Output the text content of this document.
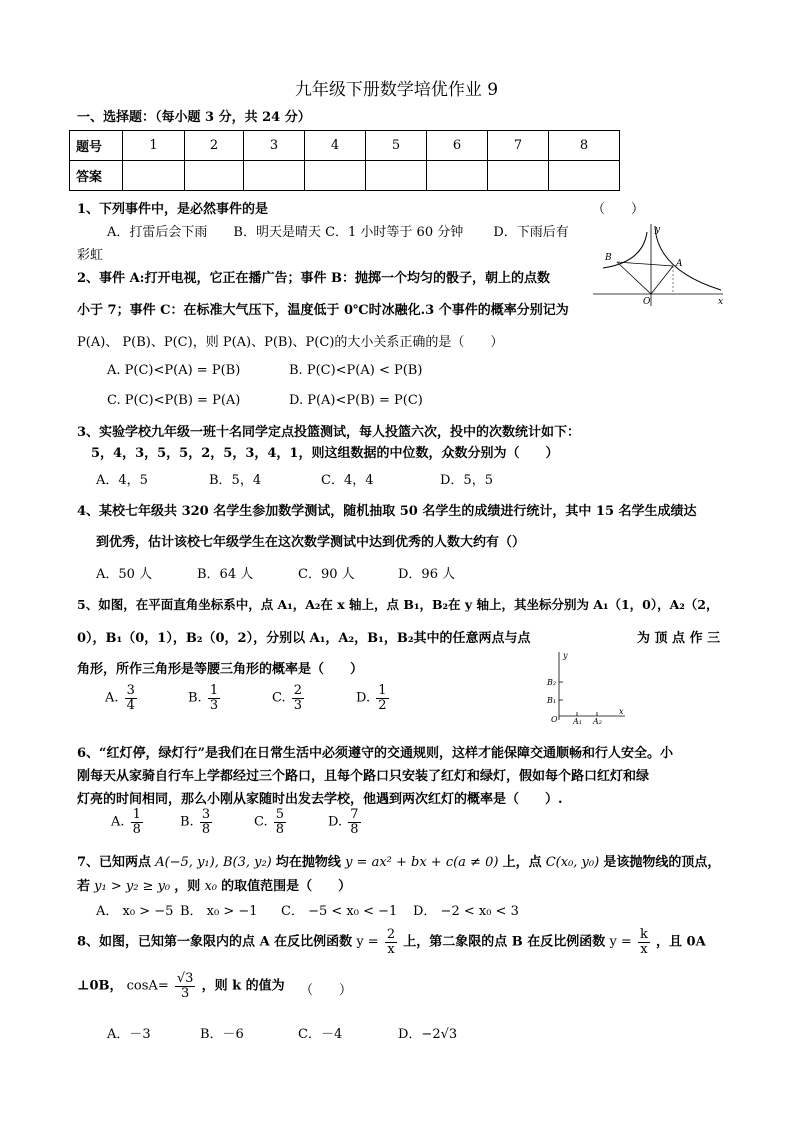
九年级下册数学培优作业 9
一、选择题：（每小题 3 分，共 24 分）
题号	1	2	3	4	5	6	7	8
答案								
1、下列事件中，是必然事件的是	（　　）
A．打雷后会下雨　　B．明天是晴天 C．1 小时等于 60 分钟　　 D．下雨后有
彩虹	B
A
O
y
x
2、事件 A:打开电视，它正在播广告；事件 B：抛掷一个均匀的骰子，朝上的点数
小于 7；事件 C：在标准大气压下，温度低于 0℃时冰融化.3 个事件的概率分别记为
P(A)、 P(B)、P(C)，则 P(A)、P(B)、P(C)的大小关系正确的是（　　）
A. P(C)<P(A) = P(B)	B. P(C)<P(A) < P(B)
C. P(C)<P(B) = P(A)	D. P(A)<P(B) = P(C)
3、实验学校九年级一班十名同学定点投篮测试，每人投篮六次，投中的次数统计如下：
5，4，3，5，5，2，5，3，4，1，则这组数据的中位数，众数分别为（　　）
A．4，5	B．5，4	C．4，4	D．5，5
4、某校七年级共 320 名学生参加数学测试，随机抽取 50 名学生的成绩进行统计，其中 15 名学生成绩达
到优秀，估计该校七年级学生在这次数学测试中达到优秀的人数大约有（）
A．50 人	B．64 人	C．90 人	D．96 人
5、如图，在平面直角坐标系中，点 A₁，A₂在 x 轴上，点 B₁，B₂在 y 轴上，其坐标分别为 A₁（1，0），A₂（2，
0），B₁（0，1），B₂（0，2），分别以 A₁，A₂，B₁，B₂其中的任意两点与点	为 顶 点 作 三
角形，所作三角形是等腰三角形的概率是（　　）
A. $\frac{3}{4}$	B. $\frac{1}{3}$	C. $\frac{2}{3}$	D. $\frac{1}{2}$
y
B₂
B₁
O A₁ A₂
x
6、“红灯停，绿灯行”是我们在日常生活中必须遵守的交通规则，这样才能保障交通顺畅和行人安全。小
刚每天从家骑自行车上学都经过三个路口，且每个路口只安装了红灯和绿灯，假如每个路口红灯和绿
灯亮的时间相同，那么小刚从家随时出发去学校，他遇到两次红灯的概率是（　　）.
A. $\frac{1}{8}$	B. $\frac{3}{8}$	C. $\frac{5}{8}$	D. $\frac{7}{8}$
7、已知两点 A(−5, y₁), B(3, y₂) 均在抛物线 y = ax² + bx + c(a ≠ 0) 上，点 C(x₀, y₀) 是该抛物线的顶点，
若 y₁ > y₂ ≥ y₀ ，则 x₀ 的取值范围是（　　）
A． x₀ > −5 B． x₀ > −1 C． −5 < x₀ < −1 D． −2 < x₀ < 3
8、如图，已知第一象限内的点 A 在反比例函数 $y = \frac{2}{x}$ 上，第二象限的点 B 在反比例函数 $y = \frac{k}{x}$ ，且 0A
⊥0B， $\cos A= \frac{√3}{3}$ ，则 k 的值为 （　　）
A．－3	B．－6	C．－4	D．−2√3
